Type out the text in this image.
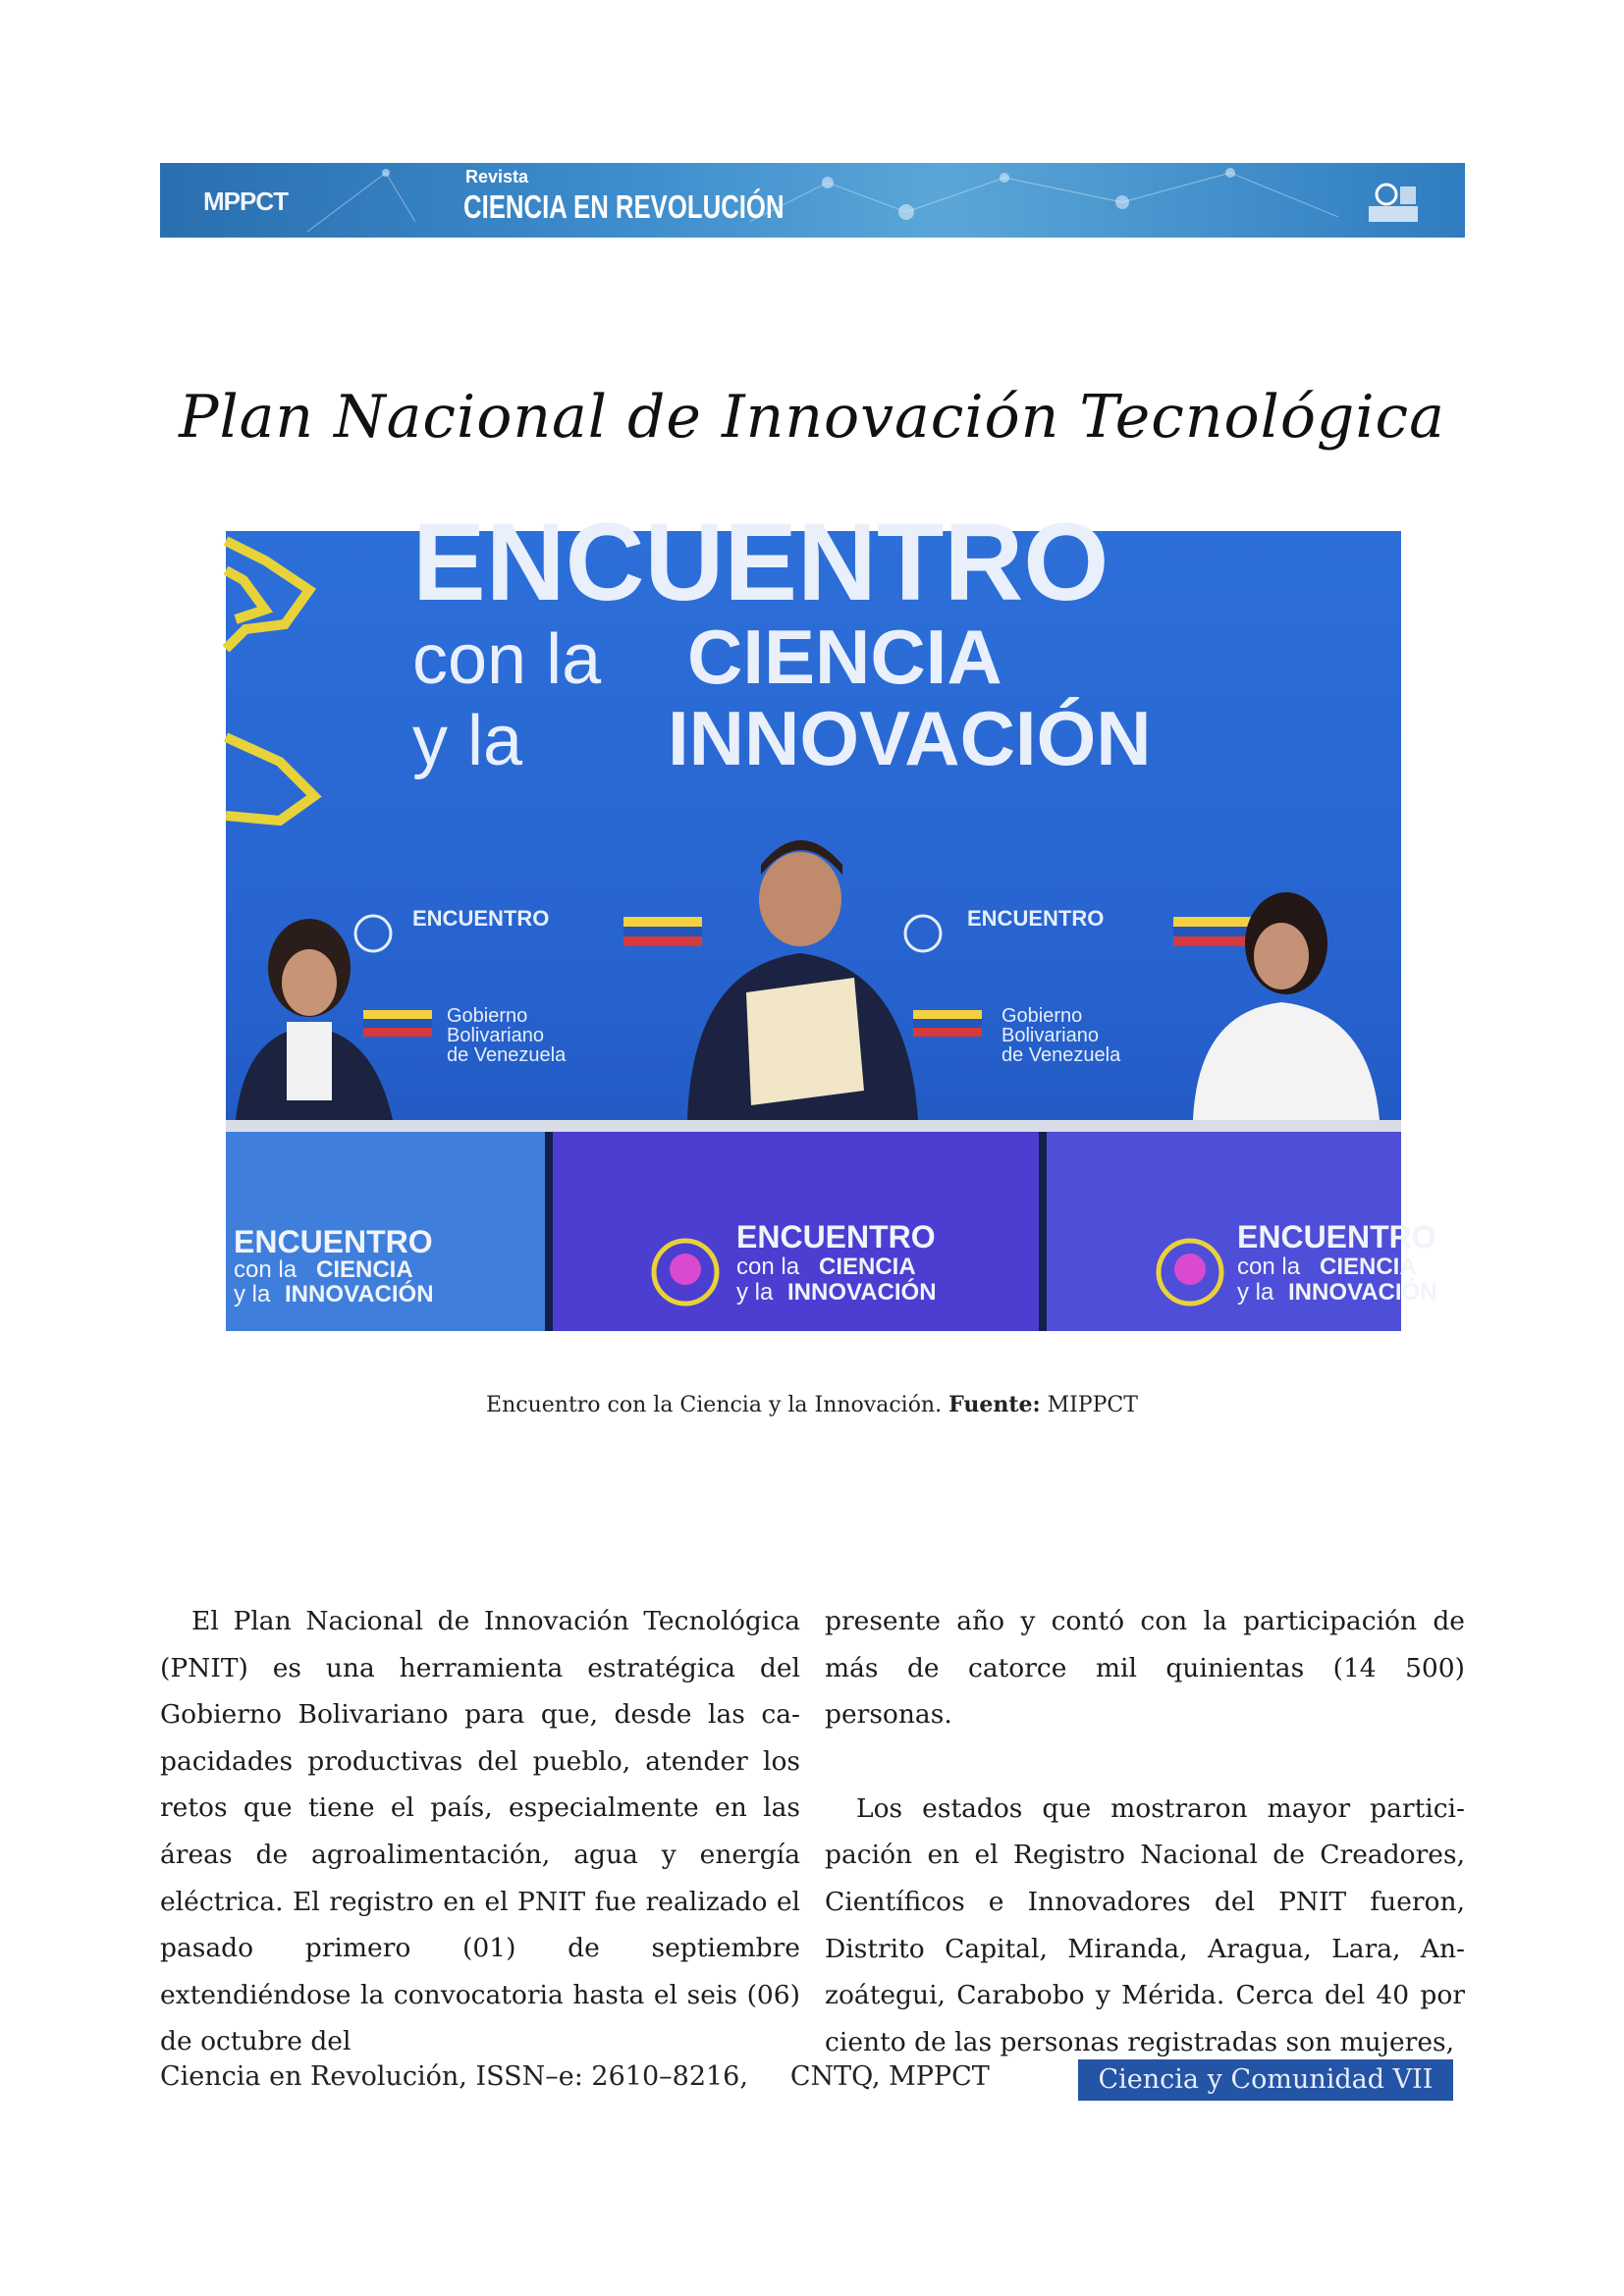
MPPCT
Revista
CIENCIA EN REVOLUCIÓN
Plan Nacional de Innovación Tecnológica
ENCUENTRO
con la CIENCIA
y la INNOVACIÓN
ENCUENTRO	ENCUENTRO
Gobierno
Bolivariano
de Venezuela
Gobierno
Bolivariano
de Venezuela
ENCUENTRO
con la CIENCIA
y la INNOVACIÓN
ENCUENTRO
con la CIENCIA
y la INNOVACIÓN
ENCUENTRO
con la CIENCIA
y la INNOVACIÓN
Encuentro con la Ciencia y la Innovación. Fuente: MIPPCT

El Plan Nacional de Innovación Tecnológica (PNIT) es una herramienta estratégica del Gobierno Bolivariano para que, desde las capacidades productivas del pueblo, atender los retos que tiene el país, especialmente en las áreas de agroalimentación, agua y energía eléctrica. El registro en el PNIT fue realizado el pasado primero (01) de septiembre extendiéndose la convocatoria hasta el seis (06) de octubre del

presente año y contó con la participación de más de catorce mil quinientas (14 500) personas.

Los estados que mostraron mayor participación en el Registro Nacional de Creadores, Científicos e Innovadores del PNIT fueron, Distrito Capital, Miranda, Aragua, Lara, Anzoátegui, Carabobo y Mérida. Cerca del 40 por ciento de las personas registradas son mujeres,

Ciencia en Revolución, ISSN–e: 2610–8216, CNTQ, MPPCT	Ciencia y Comunidad VII
